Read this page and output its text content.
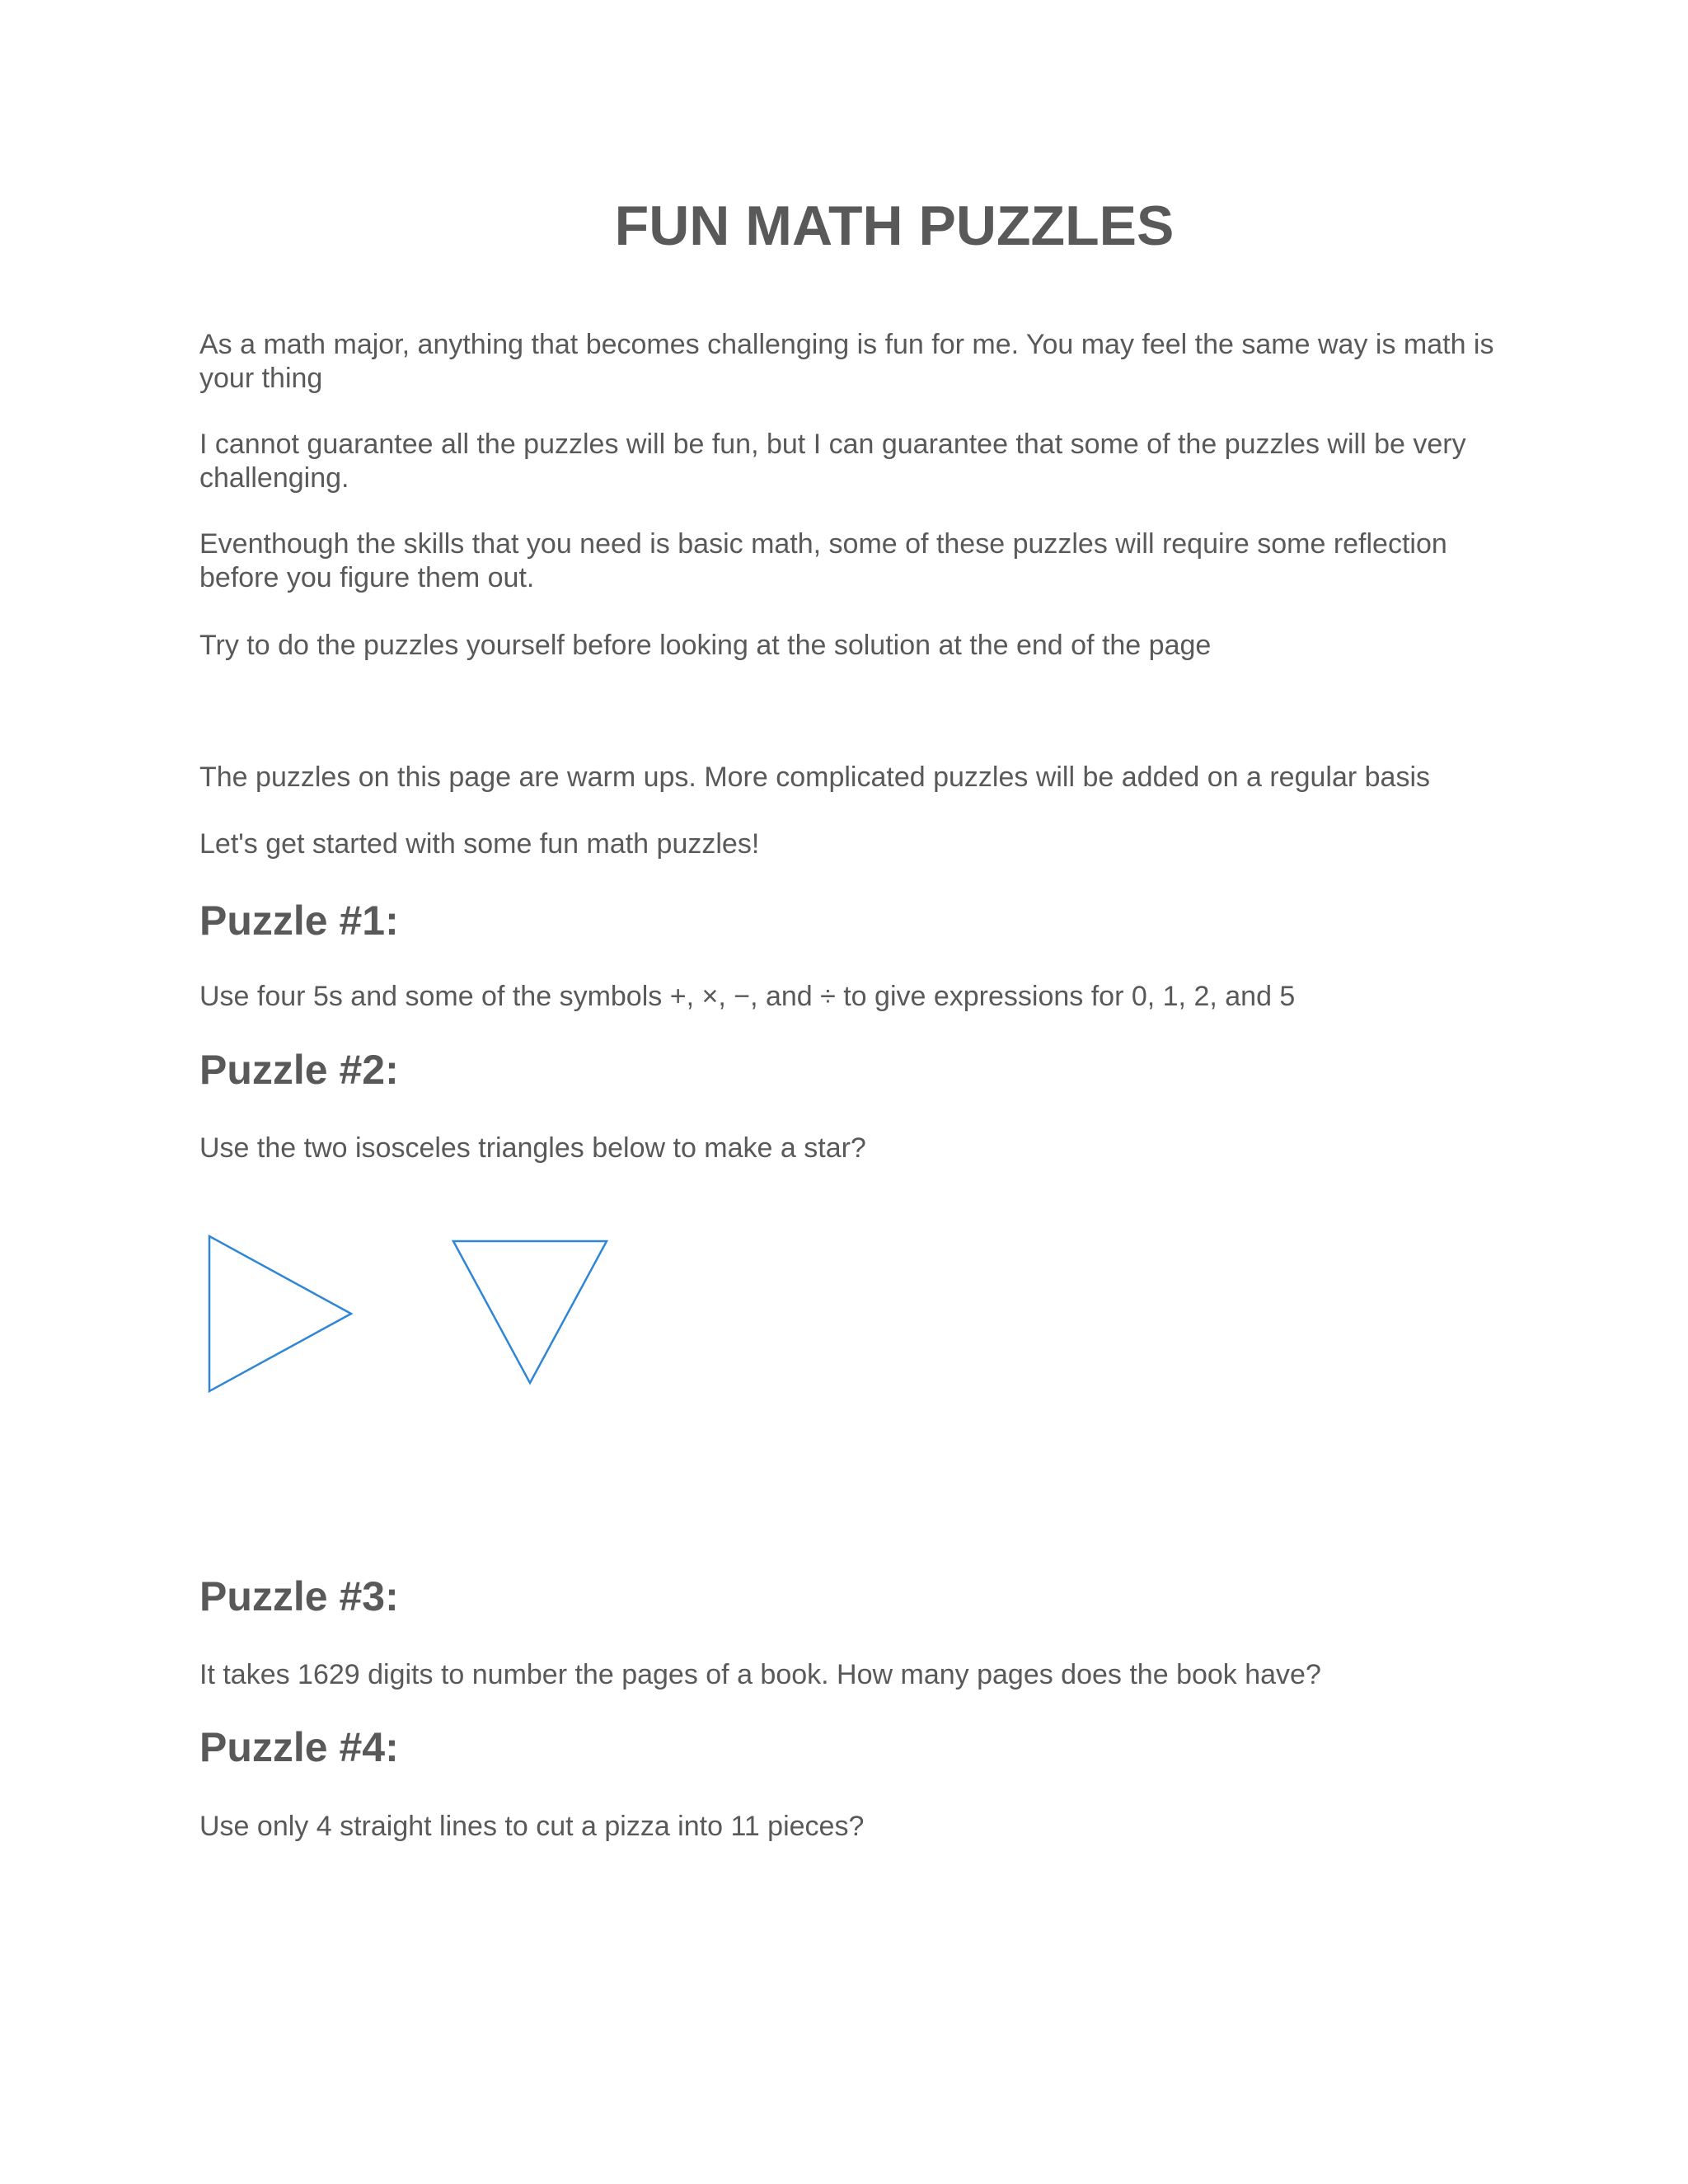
FUN MATH PUZZLES

As a math major, anything that becomes challenging is fun for me. You may feel the same way is math is your thing

I cannot guarantee all the puzzles will be fun, but I can guarantee that some of the puzzles will be very challenging.

Eventhough the skills that you need is basic math, some of these puzzles will require some reflection before you figure them out.

Try to do the puzzles yourself before looking at the solution at the end of the page

The puzzles on this page are warm ups. More complicated puzzles will be added on a regular basis

Let's get started with some fun math puzzles!

Puzzle #1:

Use four 5s and some of the symbols +, ×, −, and ÷ to give expressions for 0, 1, 2, and 5

Puzzle #2:

Use the two isosceles triangles below to make a star?

Puzzle #3:

It takes 1629 digits to number the pages of a book. How many pages does the book have?

Puzzle #4:

Use only 4 straight lines to cut a pizza into 11 pieces?
